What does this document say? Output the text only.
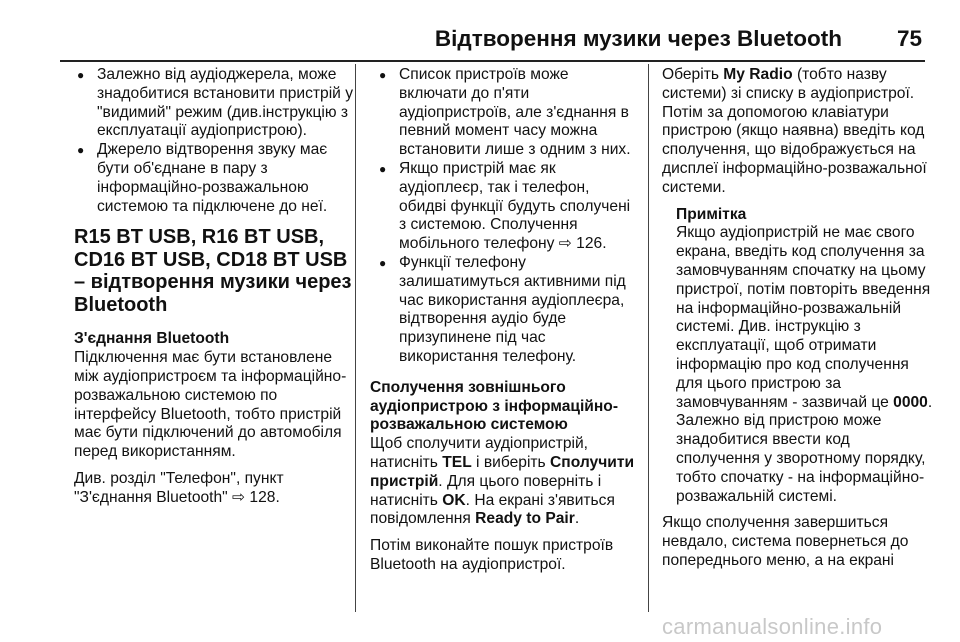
Відтворення музики через Bluetooth 75

● Залежно від аудіоджерела, може знадобитися встановити пристрій у "видимий" режим (див.інструкцію з експлуатації аудіопристрою).

● Джерело відтворення звуку має бути об'єднане в пару з інформаційно-розважальною системою та підключене до неї.

R15 BT USB, R16 BT USB, CD16 BT USB, CD18 BT USB – відтворення музики через Bluetooth

З'єднання Bluetooth

Підключення має бути встановлене між аудіопристроєм та інформаційно-розважальною системою по інтерфейсу Bluetooth, тобто пристрій має бути підключений до автомобіля перед використанням.

Див. розділ "Телефон", пункт "З'єднання Bluetooth" ⇨ 128.

● Список пристроїв може включати до п'яти аудіопристроїв, але з'єднання в певний момент часу можна встановити лише з одним з них.

● Якщо пристрій має як аудіоплеєр, так і телефон, обидві функції будуть сполучені з системою. Сполучення мобільного телефону ⇨ 126.

● Функції телефону залишатимуться активними під час використання аудіоплеєра, відтворення аудіо буде призупинене під час використання телефону.

Сполучення зовнішнього аудіопристрою з інформаційно-розважальною системою

Щоб сполучити аудіопристрій, натисніть TEL і виберіть Сполучити пристрій. Для цього поверніть і натисніть OK. На екрані з'явиться повідомлення Ready to Pair.

Потім виконайте пошук пристроїв Bluetooth на аудіопристрої.

Оберіть My Radio (тобто назву системи) зі списку в аудіопристрої. Потім за допомогою клавіатури пристрою (якщо наявна) введіть код сполучення, що відображується на дисплеї інформаційно-розважальної системи.

Примітка

Якщо аудіопристрій не має свого екрана, введіть код сполучення за замовчуванням спочатку на цьому пристрої, потім повторіть введення на інформаційно-розважальній системі. Див. інструкцію з експлуатації, щоб отримати інформацію про код сполучення для цього пристрою за замовчуванням - зазвичай це 0000. Залежно від пристрою може знадобитися ввести код сполучення у зворотному порядку, тобто спочатку - на інформаційно-розважальній системі.

Якщо сполучення завершиться невдало, система повернеться до попереднього меню, а на екрані

carmanualsonline.info
